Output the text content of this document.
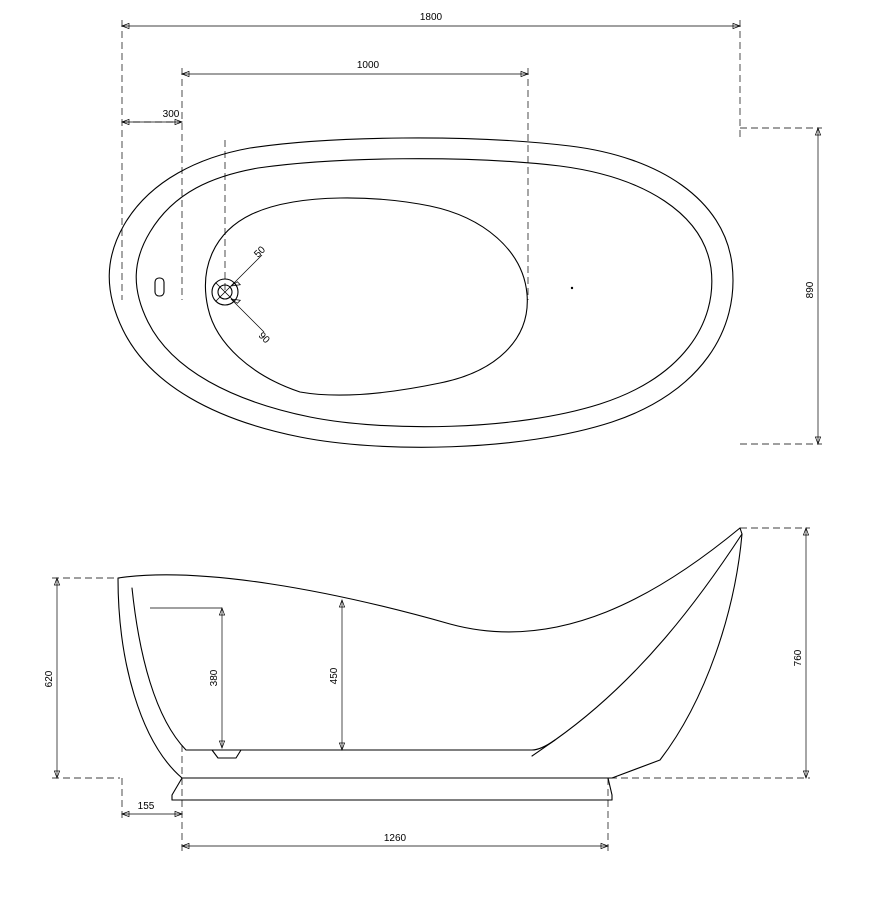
1800
1000
300
890
50
90
620
760
380	450
155
1260
